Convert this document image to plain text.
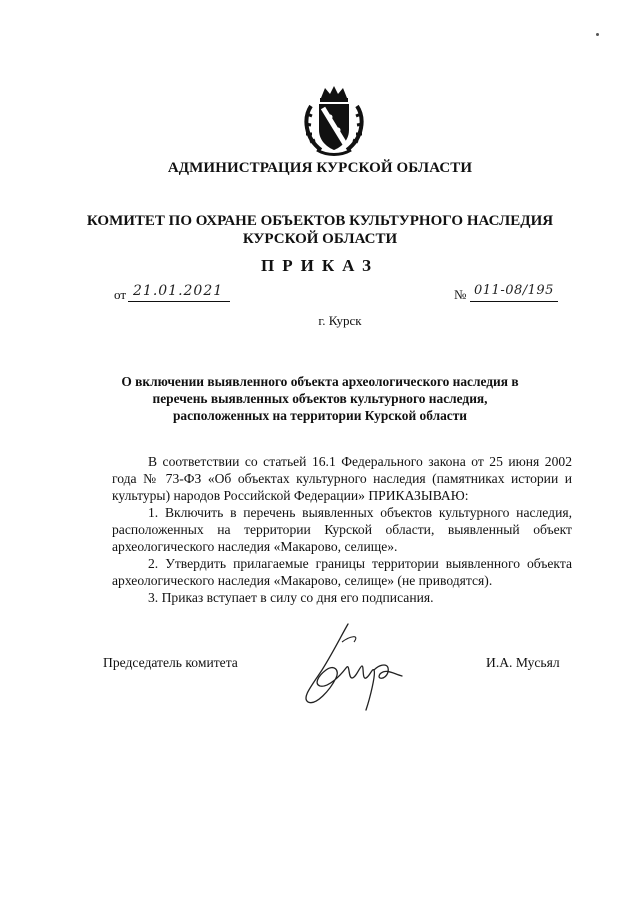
АДМИНИСТРАЦИЯ КУРСКОЙ ОБЛАСТИ
КОМИТЕТ ПО ОХРАНЕ ОБЪЕКТОВ КУЛЬТУРНОГО НАСЛЕДИЯ
КУРСКОЙ ОБЛАСТИ
ПРИКАЗ
от 21.01.2021	№ 011-08/195
г. Курск
О включении выявленного объекта археологического наследия в
перечень выявленных объектов культурного наследия,
расположенных на территории Курской области

В соответствии со статьей 16.1 Федерального закона от 25 июня 2002 года № 73-ФЗ «Об объектах культурного наследия (памятниках истории и культуры) народов Российской Федерации» ПРИКАЗЫВАЮ:

1. Включить в перечень выявленных объектов культурного наследия, расположенных на территории Курской области, выявленный объект археологического наследия «Макарово, селище».

2. Утвердить прилагаемые границы территории выявленного объекта археологического наследия «Макарово, селище» (не приводятся).

3. Приказ вступает в силу со дня его подписания.

Председатель комитета	И.А. Мусьял
